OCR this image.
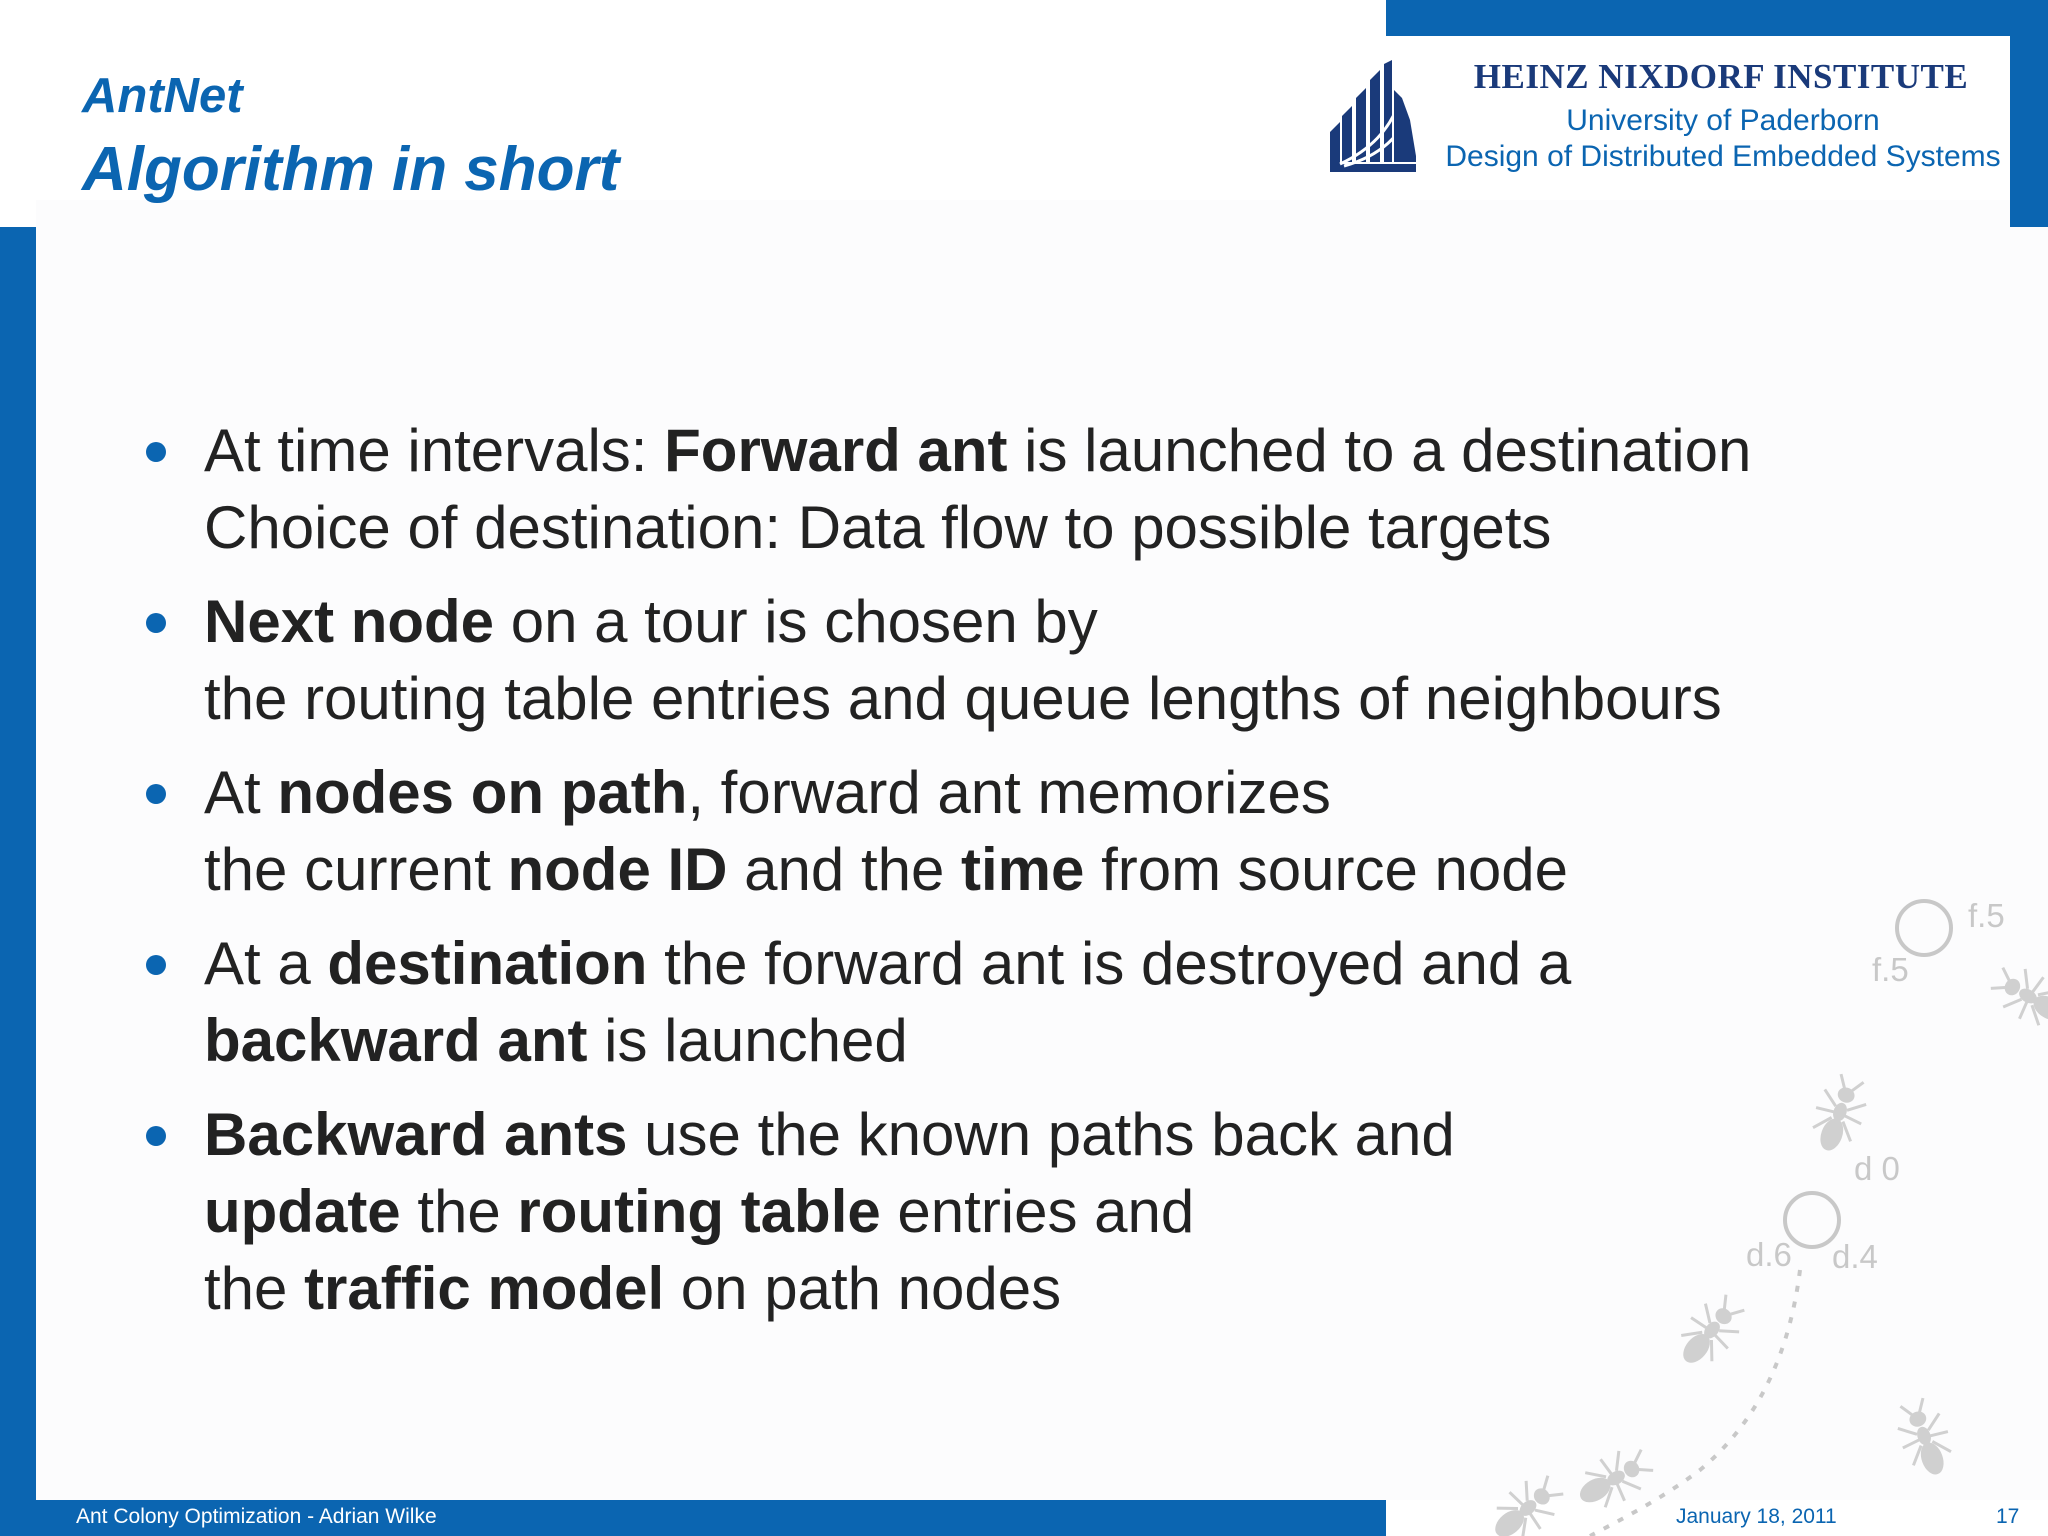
AntNet
Algorithm in short
HEINZ NIXDORF INSTITUTE
University of Paderborn
Design of Distributed Embedded Systems
At time intervals: Forward ant is launched to a destination
Choice of destination: Data flow to possible targets
Next node on a tour is chosen by
the routing table entries and queue lengths of neighbours
At nodes on path, forward ant memorizes
the current node ID and the time from source node
At a destination the forward ant is destroyed and a
backward ant is launched
Backward ants use the known paths back and
update the routing table entries and
the traffic model on path nodes
f.5
f.5
d 0
d.6 d.4
Ant Colony Optimization - Adrian Wilke	January 18, 2011	17
